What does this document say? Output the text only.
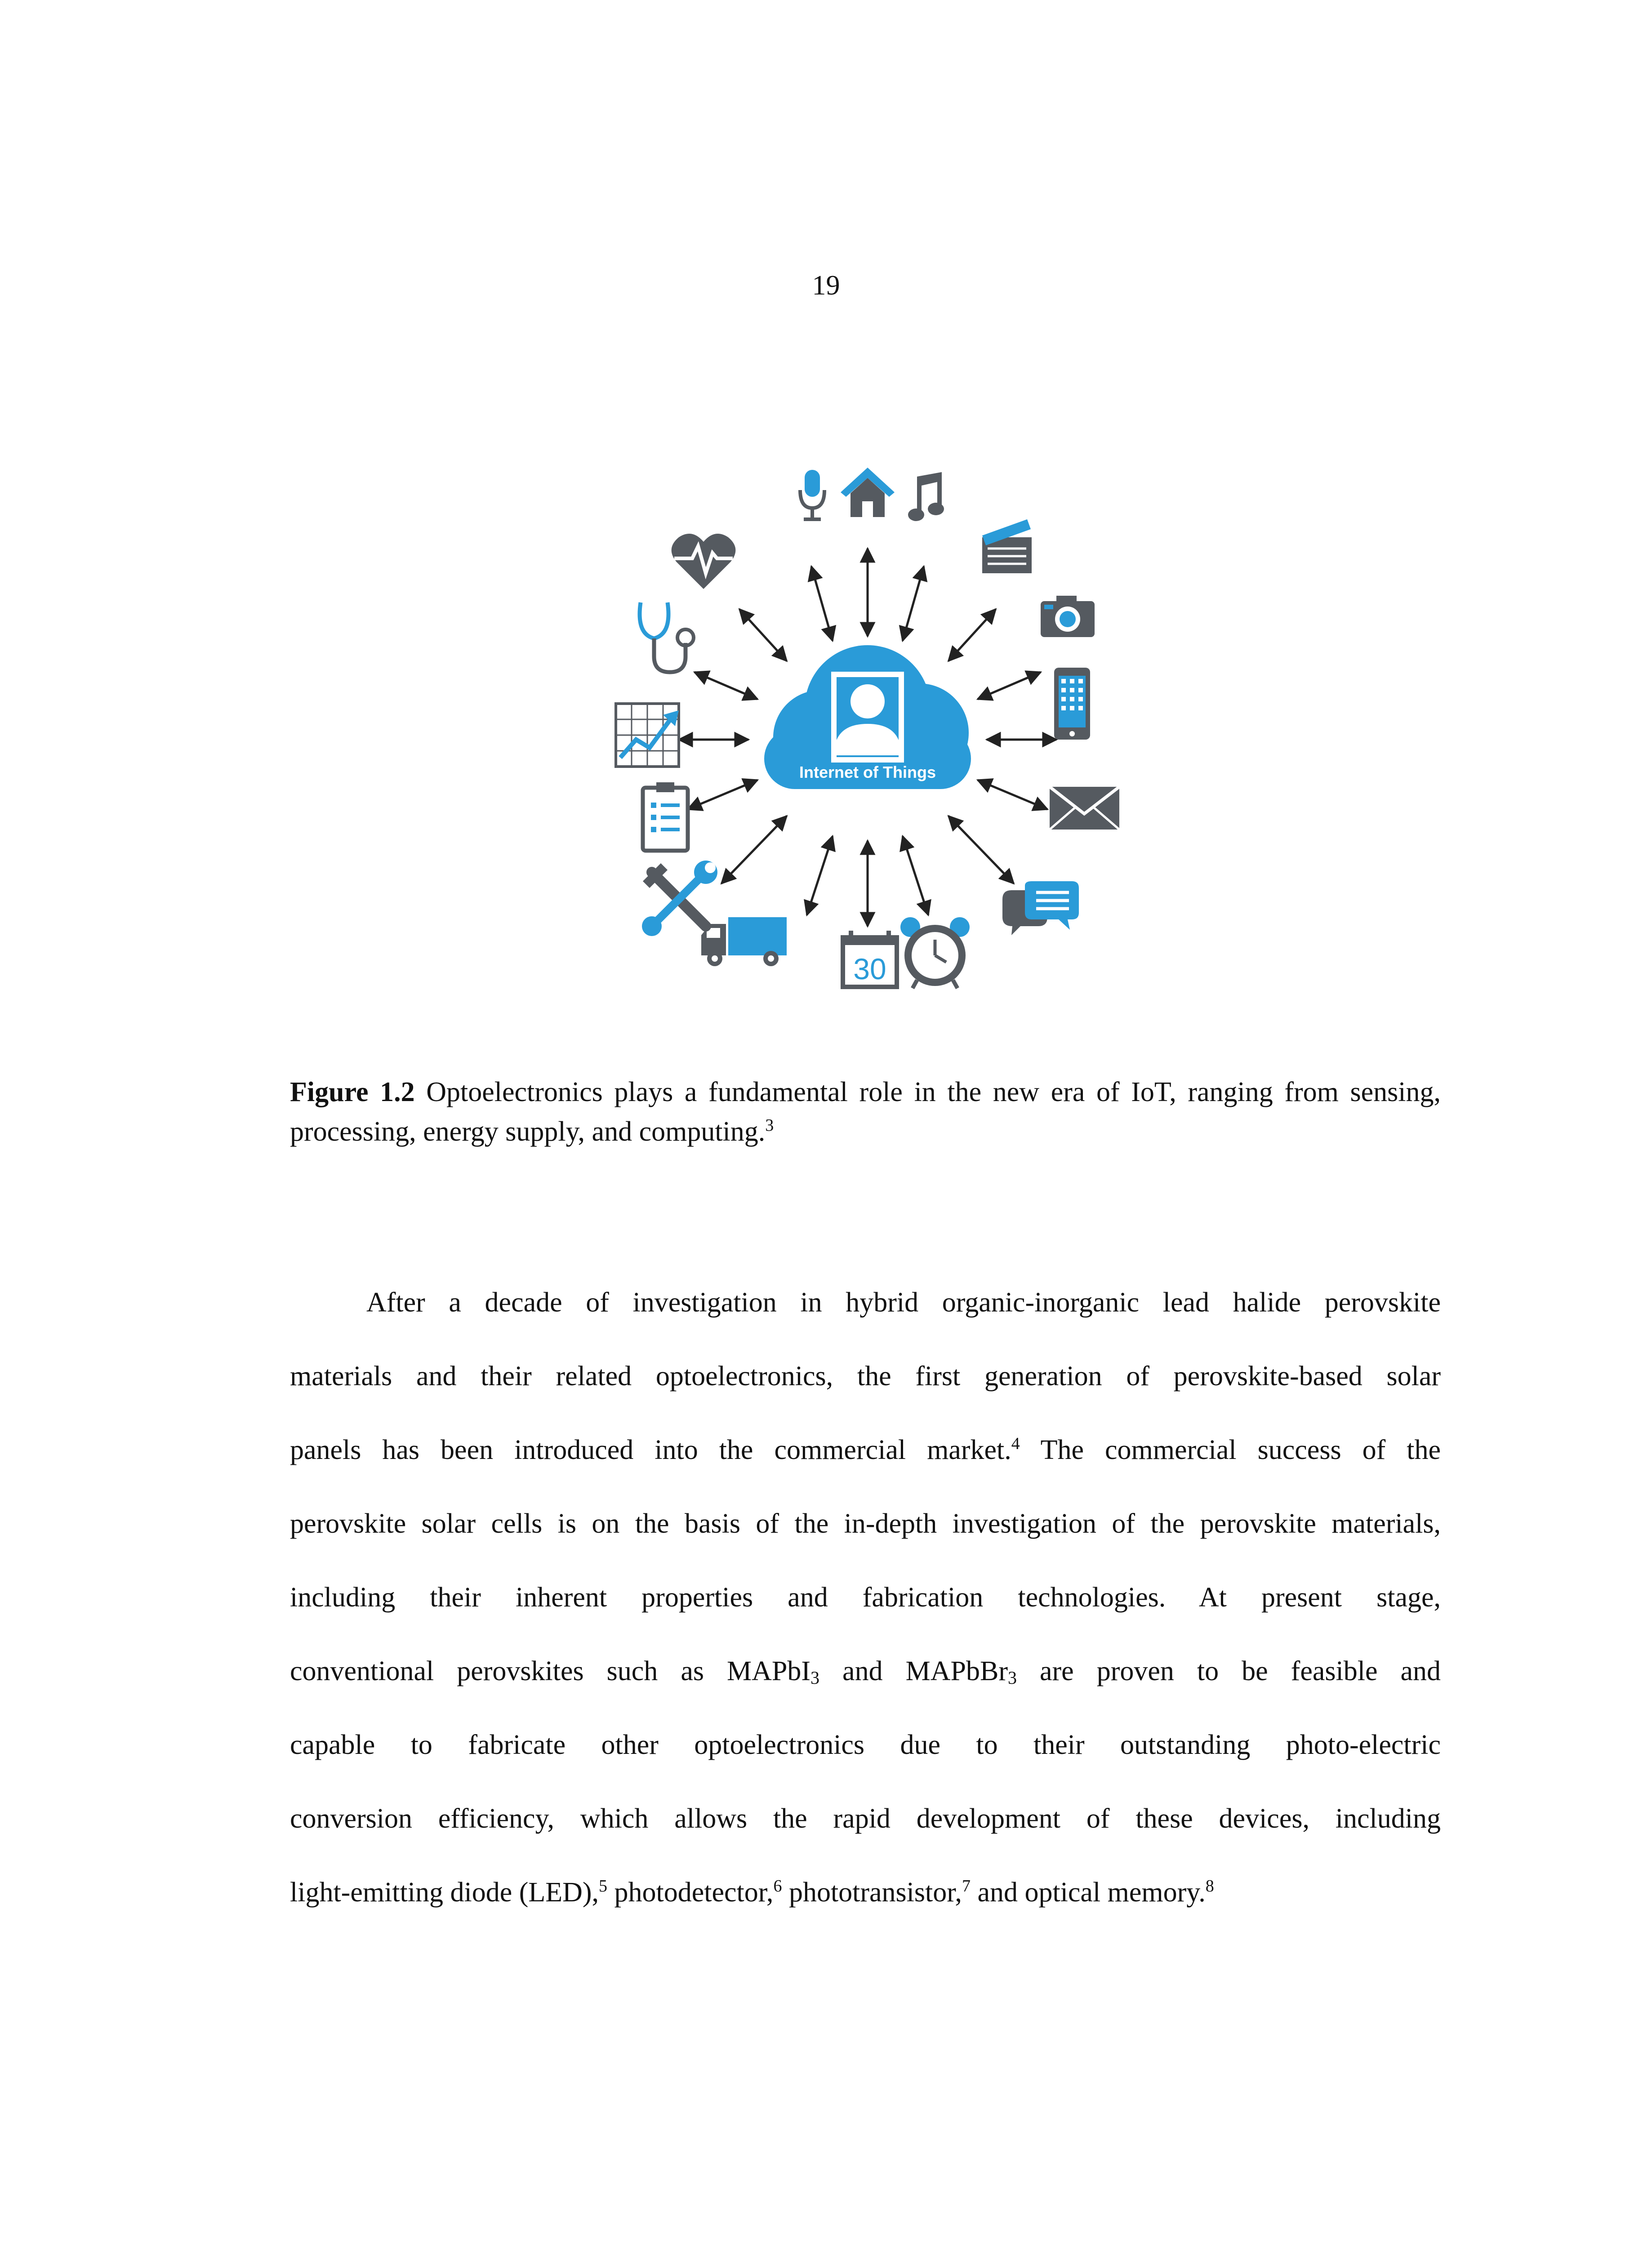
19
Internet of Things
30
Figure 1.2 Optoelectronics plays a fundamental role in the new era of IoT, ranging from sensing, processing, energy supply, and computing.$^3$

After a decade of investigation in hybrid organic-inorganic lead halide perovskite
materials and their related optoelectronics, the first generation of perovskite-based solar
panels has been introduced into the commercial market.$^4$ The commercial success of the
perovskite solar cells is on the basis of the in-depth investigation of the perovskite materials,
including their inherent properties and fabrication technologies. At present stage,
conventional perovskites such as MAPbI$_3$ and MAPbBr$_3$ are proven to be feasible and
capable to fabricate other optoelectronics due to their outstanding photo-electric
conversion efficiency, which allows the rapid development of these devices, including
light-emitting diode (LED),$^5$ photodetector,$^6$ phototransistor,$^7$ and optical memory.$^8$
